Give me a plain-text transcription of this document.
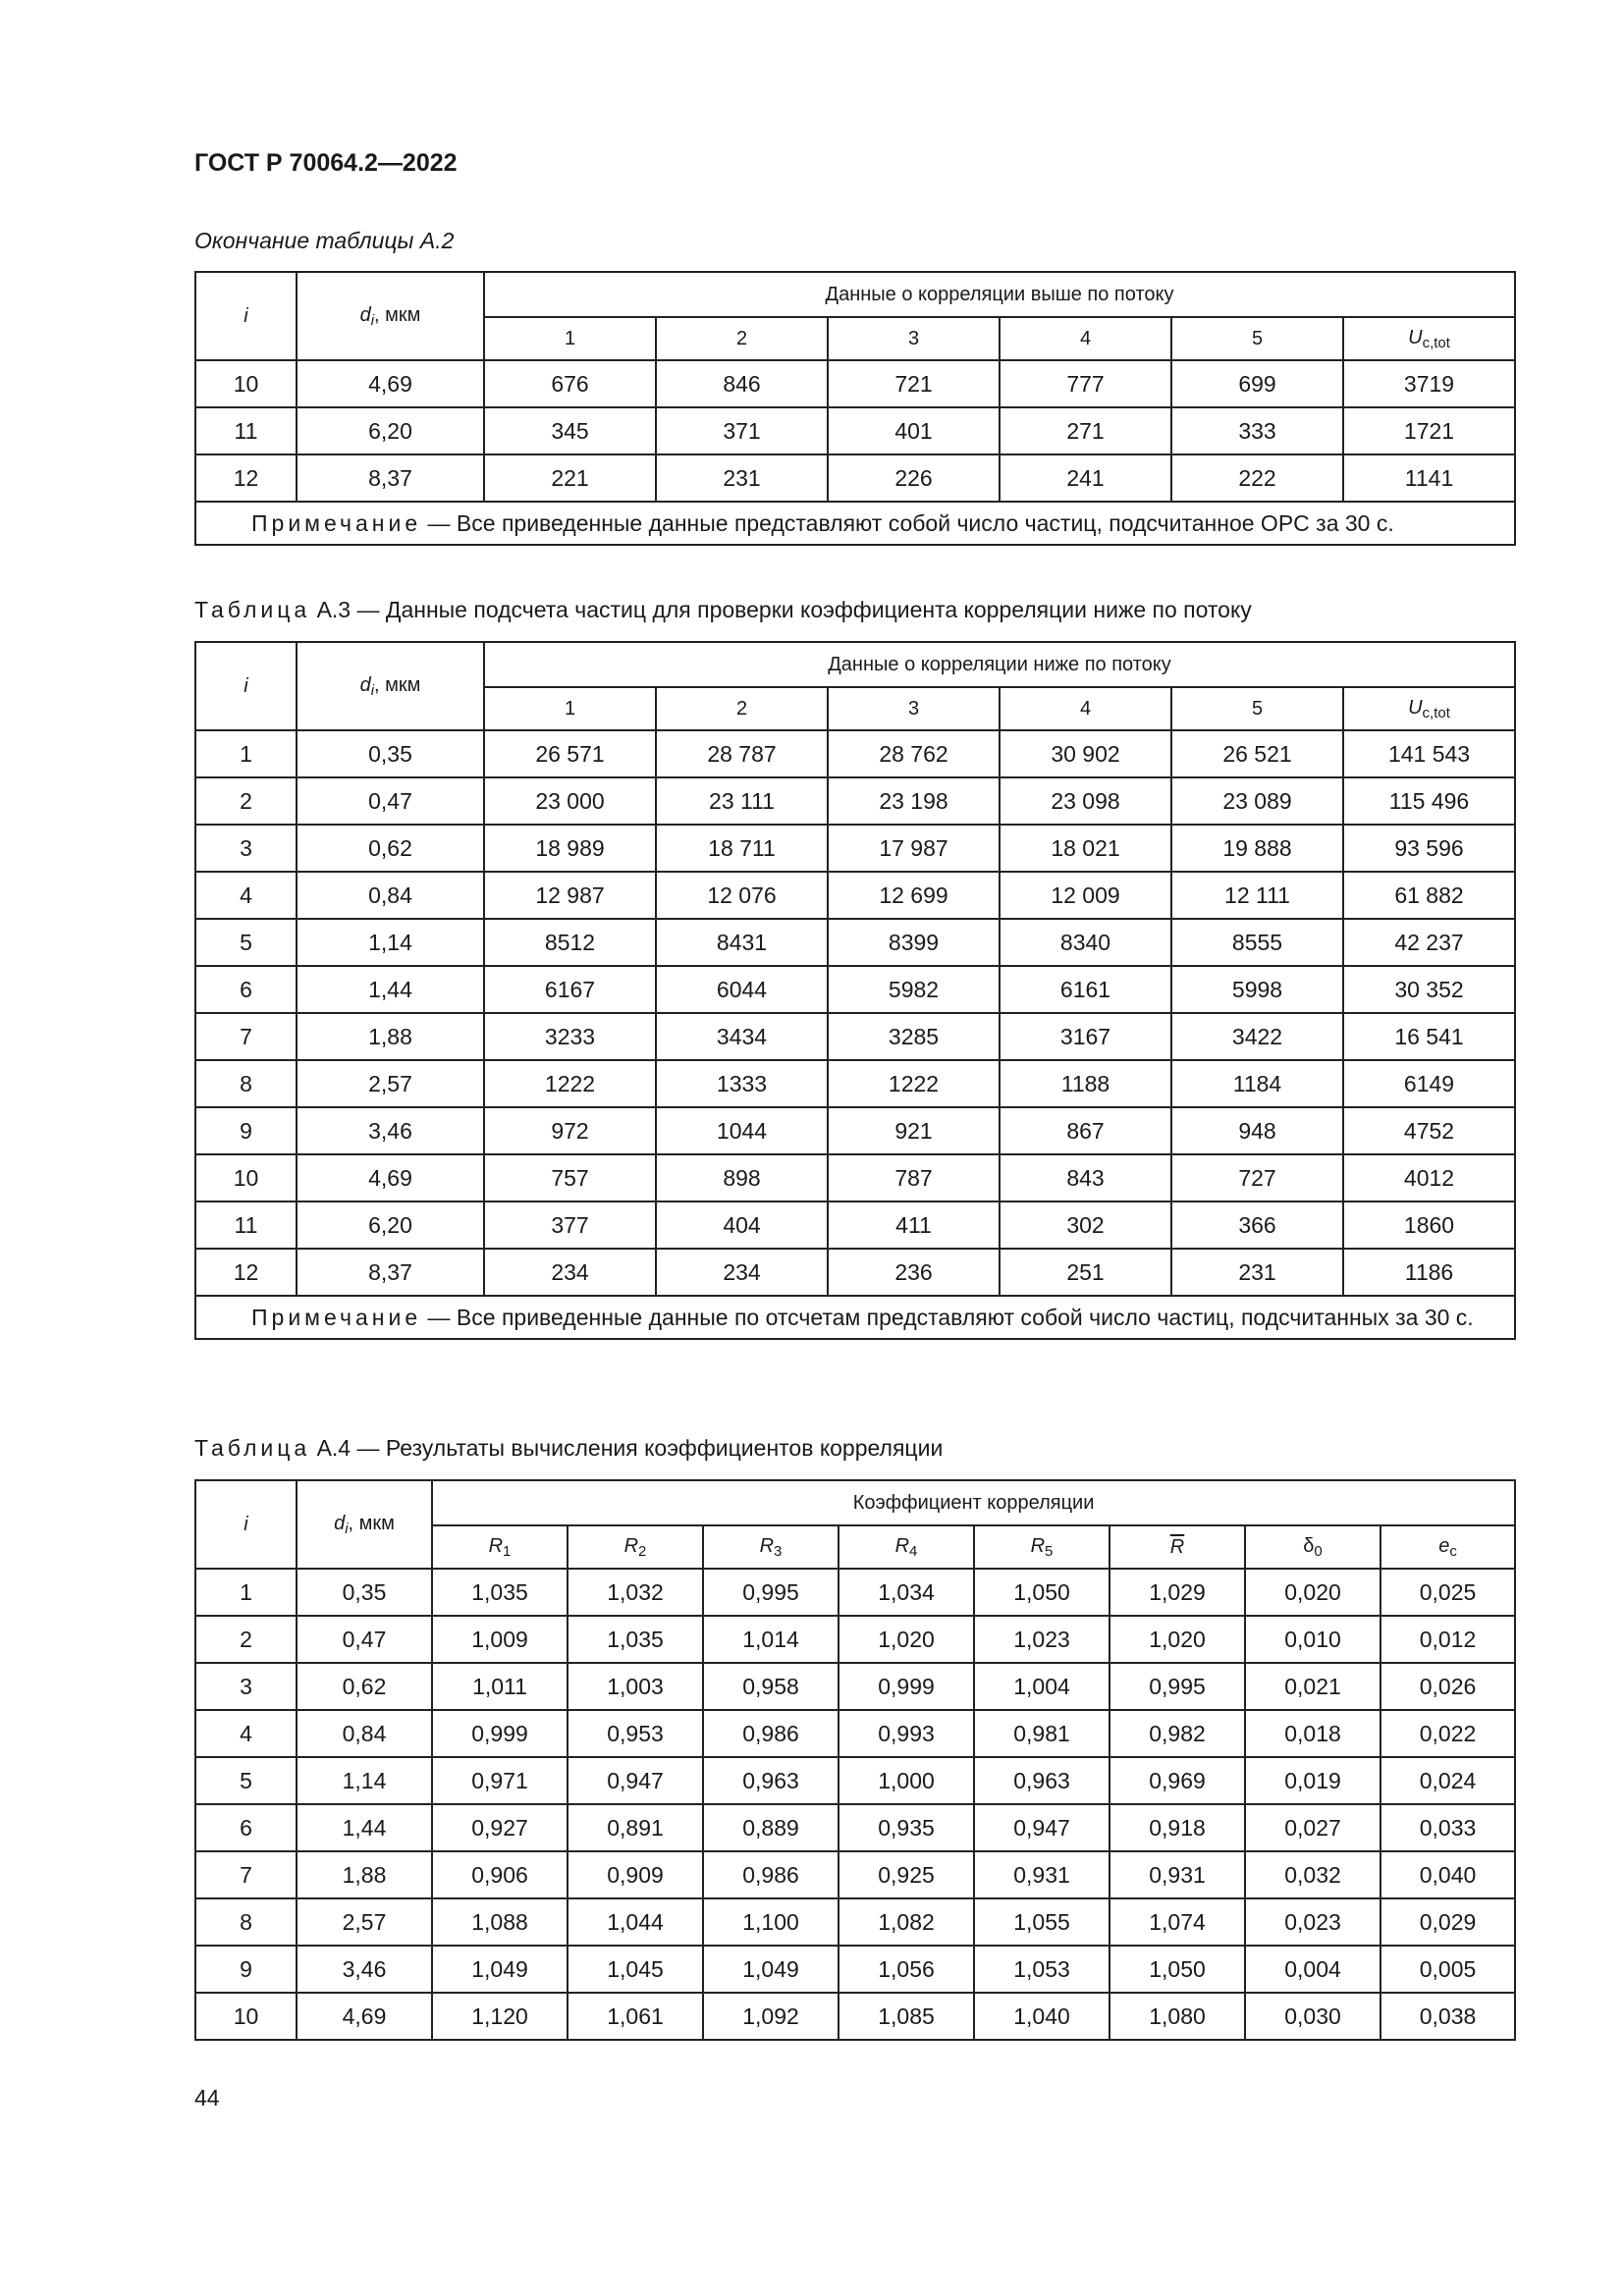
ГОСТ Р 70064.2—2022
Окончание таблицы А.2
i	$d_i$, мкм	Данные о корреляции выше по потоку					
		1	2	3	4	5	$U_{c,tot}$
10	4,69	676	846	721	777	699	3719
11	6,20	345	371	401	271	333	1721
12	8,37	221	231	226	241	222	1141
Примечание — Все приведенные данные представляют собой число частиц, подсчитанное OPC за 30 с.							
Таблица А.3 — Данные подсчета частиц для проверки коэффициента корреляции ниже по потоку
i	$d_i$, мкм	Данные о корреляции ниже по потоку					
		1	2	3	4	5	$U_{c,tot}$
1	0,35	26 571	28 787	28 762	30 902	26 521	141 543
2	0,47	23 000	23 111	23 198	23 098	23 089	115 496
3	0,62	18 989	18 711	17 987	18 021	19 888	93 596
4	0,84	12 987	12 076	12 699	12 009	12 111	61 882
5	1,14	8512	8431	8399	8340	8555	42 237
6	1,44	6167	6044	5982	6161	5998	30 352
7	1,88	3233	3434	3285	3167	3422	16 541
8	2,57	1222	1333	1222	1188	1184	6149
9	3,46	972	1044	921	867	948	4752
10	4,69	757	898	787	843	727	4012
11	6,20	377	404	411	302	366	1860
12	8,37	234	234	236	251	231	1186
Примечание — Все приведенные данные по отсчетам представляют собой число частиц, подсчитанных за 30 с.							
Таблица А.4 — Результаты вычисления коэффициентов корреляции
i	$d_i$, мкм	Коэффициент корреляции							
		$R_1$	$R_2$	$R_3$	$R_4$	$R_5$	$\overline{R}$	$\delta_0$	$e_c$
1	0,35	1,035	1,032	0,995	1,034	1,050	1,029	0,020	0,025
2	0,47	1,009	1,035	1,014	1,020	1,023	1,020	0,010	0,012
3	0,62	1,011	1,003	0,958	0,999	1,004	0,995	0,021	0,026
4	0,84	0,999	0,953	0,986	0,993	0,981	0,982	0,018	0,022
5	1,14	0,971	0,947	0,963	1,000	0,963	0,969	0,019	0,024
6	1,44	0,927	0,891	0,889	0,935	0,947	0,918	0,027	0,033
7	1,88	0,906	0,909	0,986	0,925	0,931	0,931	0,032	0,040
8	2,57	1,088	1,044	1,100	1,082	1,055	1,074	0,023	0,029
9	3,46	1,049	1,045	1,049	1,056	1,053	1,050	0,004	0,005
10	4,69	1,120	1,061	1,092	1,085	1,040	1,080	0,030	0,038
44
